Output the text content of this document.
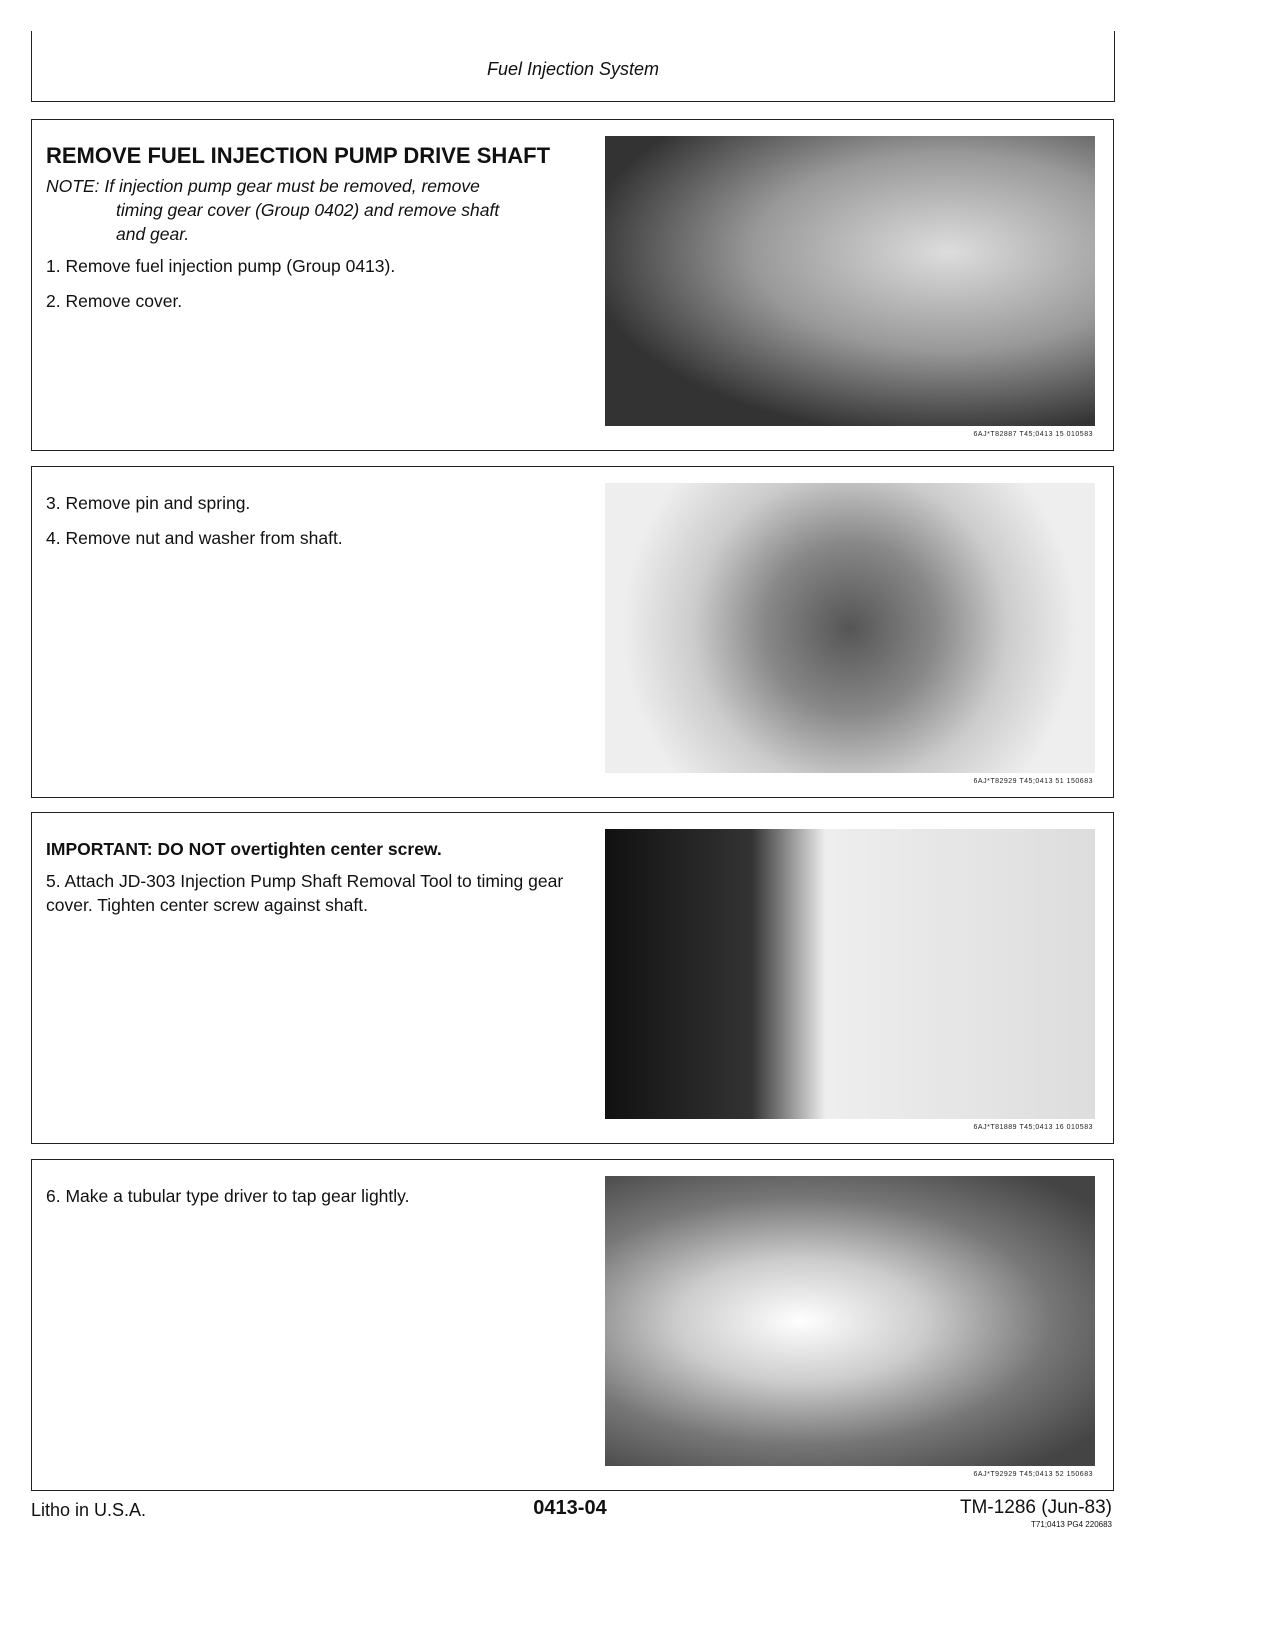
Fuel Injection System
REMOVE FUEL INJECTION PUMP DRIVE SHAFT

NOTE: If injection pump gear must be removed, remove
timing gear cover (Group 0402) and remove shaft
and gear.

1. Remove fuel injection pump (Group 0413).

2. Remove cover.

6AJ*T82887 T45;0413 15 010583

3. Remove pin and spring.

4. Remove nut and washer from shaft.

6AJ*T82929 T45;0413 51 150683

IMPORTANT: DO NOT overtighten center screw.

5. Attach JD-303 Injection Pump Shaft Removal Tool to timing gear cover. Tighten center screw against shaft.

6AJ*T81889 T45;0413 16 010583

6. Make a tubular type driver to tap gear lightly.

6AJ*T92929 T45;0413 52 150683
Litho in U.S.A.	0413-04	TM-1286 (Jun-83)
T71;0413 PG4 220683
